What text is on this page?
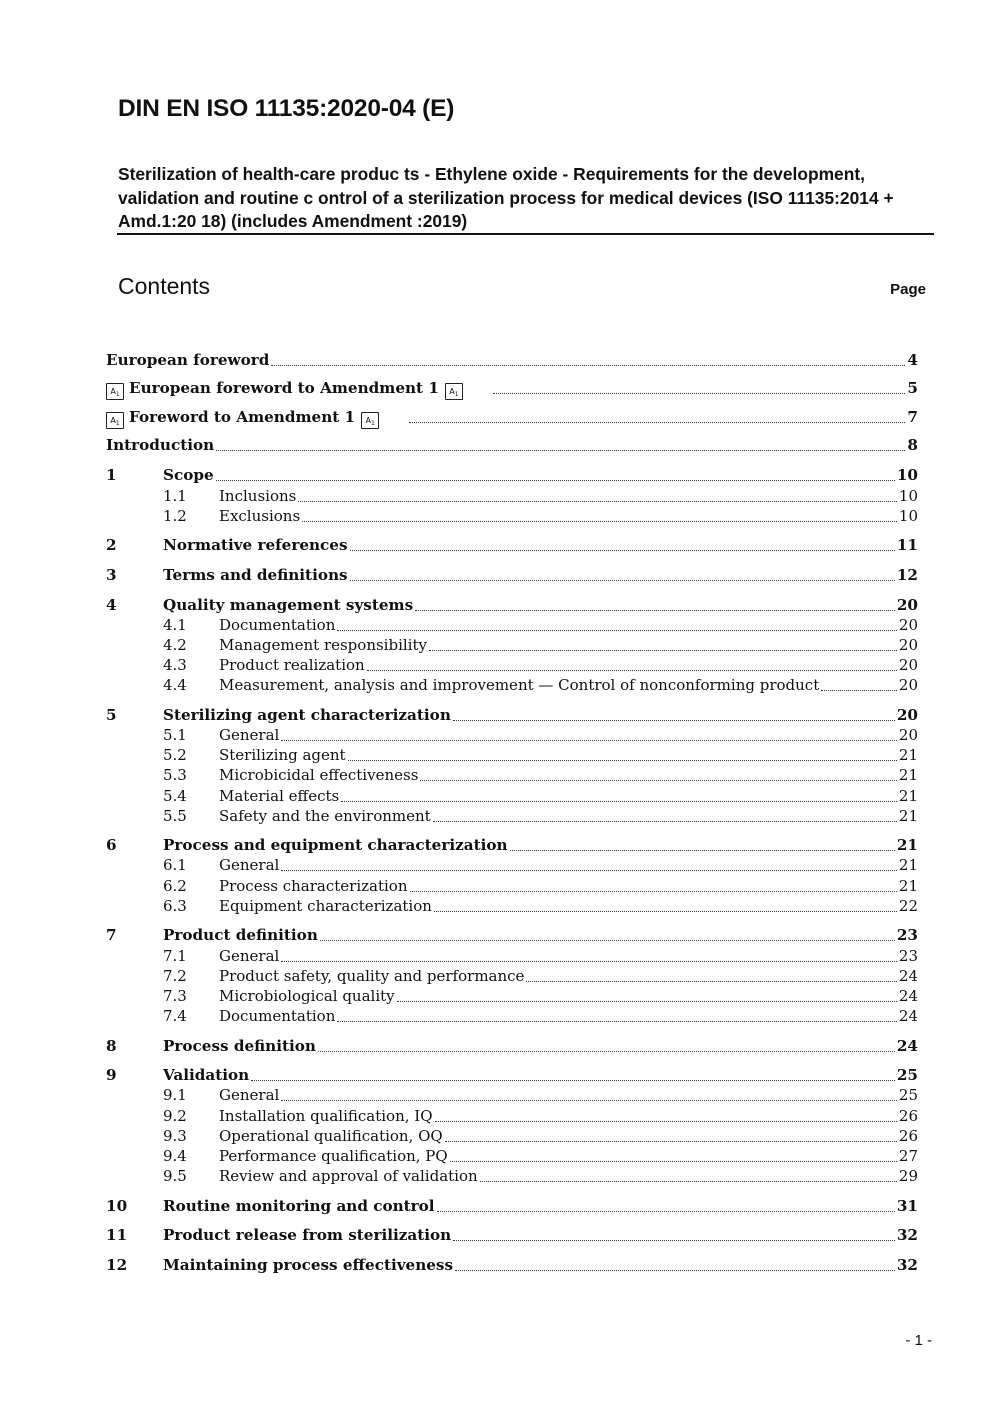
DIN EN ISO 11135:2020-04 (E)
Sterilization of health-care produc ts - Ethylene oxide - Requirements for the development, validation and routine c ontrol of a sterilization process for medical devices (ISO 11135:2014 + Amd.1:20 18) (includes Amendment :2019)
Contents	Page
European foreword	4
$A_1$ European foreword to Amendment 1 $A_1$	5
$A_1$ Foreword to Amendment 1 $A_1$	7
Introduction	8
1	Scope	10
1.1	Inclusions	10
1.2	Exclusions	10
2	Normative references	11
3	Terms and definitions	12
4	Quality management systems	20
4.1	Documentation	20
4.2	Management responsibility	20
4.3	Product realization	20
4.4	Measurement, analysis and improvement — Control of nonconforming product	20
5	Sterilizing agent characterization	20
5.1	General	20
5.2	Sterilizing agent	21
5.3	Microbicidal effectiveness	21
5.4	Material effects	21
5.5	Safety and the environment	21
6	Process and equipment characterization	21
6.1	General	21
6.2	Process characterization	21
6.3	Equipment characterization	22
7	Product definition	23
7.1	General	23
7.2	Product safety, quality and performance	24
7.3	Microbiological quality	24
7.4	Documentation	24
8	Process definition	24
9	Validation	25
9.1	General	25
9.2	Installation qualification, IQ	26
9.3	Operational qualification, OQ	26
9.4	Performance qualification, PQ	27
9.5	Review and approval of validation	29
10	Routine monitoring and control	31
11	Product release from sterilization	32
12	Maintaining process effectiveness	32
- 1 -
